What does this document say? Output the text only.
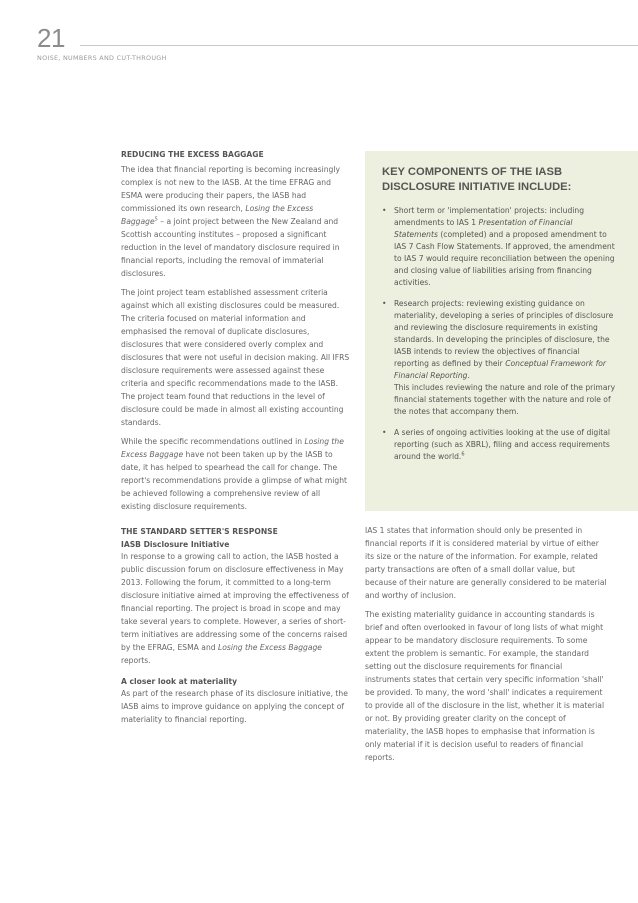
21
NOISE, NUMBERS AND CUT-THROUGH
REDUCING THE EXCESS BAGGAGE

The idea that financial reporting is becoming increasingly complex is not new to the IASB. At the time EFRAG and ESMA were producing their papers, the IASB had commissioned its own research, Losing the Excess Baggage$^5$ – a joint project between the New Zealand and Scottish accounting institutes – proposed a significant reduction in the level of mandatory disclosure required in financial reports, including the removal of immaterial disclosures.

The joint project team established assessment criteria against which all existing disclosures could be measured. The criteria focused on material information and emphasised the removal of duplicate disclosures, disclosures that were considered overly complex and disclosures that were not useful in decision making. All IFRS disclosure requirements were assessed against these criteria and specific recommendations made to the IASB. The project team found that reductions in the level of disclosure could be made in almost all existing accounting standards.

While the specific recommendations outlined in Losing the Excess Baggage have not been taken up by the IASB to date, it has helped to spearhead the call for change. The report's recommendations provide a glimpse of what might be achieved following a comprehensive review of all existing disclosure requirements.

THE STANDARD SETTER'S RESPONSE
IASB Disclosure Initiative

In response to a growing call to action, the IASB hosted a public discussion forum on disclosure effectiveness in May 2013. Following the forum, it committed to a long-term disclosure initiative aimed at improving the effectiveness of financial reporting. The project is broad in scope and may take several years to complete. However, a series of short-term initiatives are addressing some of the concerns raised by the EFRAG, ESMA and Losing the Excess Baggage reports.

A closer look at materiality

As part of the research phase of its disclosure initiative, the IASB aims to improve guidance on applying the concept of materiality to financial reporting.

KEY COMPONENTS OF THE IASB DISCLOSURE INITIATIVE INCLUDE:
• Short term or 'implementation' projects: including amendments to IAS 1 Presentation of Financial Statements (completed) and a proposed amendment to IAS 7 Cash Flow Statements. If approved, the amendment to IAS 7 would require reconciliation between the opening and closing value of liabilities arising from financing activities.
• Research projects: reviewing existing guidance on materiality, developing a series of principles of disclosure and reviewing the disclosure requirements in existing standards. In developing the principles of disclosure, the IASB intends to review the objectives of financial reporting as defined by their Conceptual Framework for Financial Reporting.
This includes reviewing the nature and role of the primary financial statements together with the nature and role of the notes that accompany them.
• A series of ongoing activities looking at the use of digital reporting (such as XBRL), filing and access requirements around the world.$^6$

IAS 1 states that information should only be presented in financial reports if it is considered material by virtue of either its size or the nature of the information. For example, related party transactions are often of a small dollar value, but because of their nature are generally considered to be material and worthy of inclusion.

The existing materiality guidance in accounting standards is brief and often overlooked in favour of long lists of what might appear to be mandatory disclosure requirements. To some extent the problem is semantic. For example, the standard setting out the disclosure requirements for financial instruments states that certain very specific information 'shall' be provided. To many, the word 'shall' indicates a requirement to provide all of the disclosure in the list, whether it is material or not. By providing greater clarity on the concept of materiality, the IASB hopes to emphasise that information is only material if it is decision useful to readers of financial reports.
